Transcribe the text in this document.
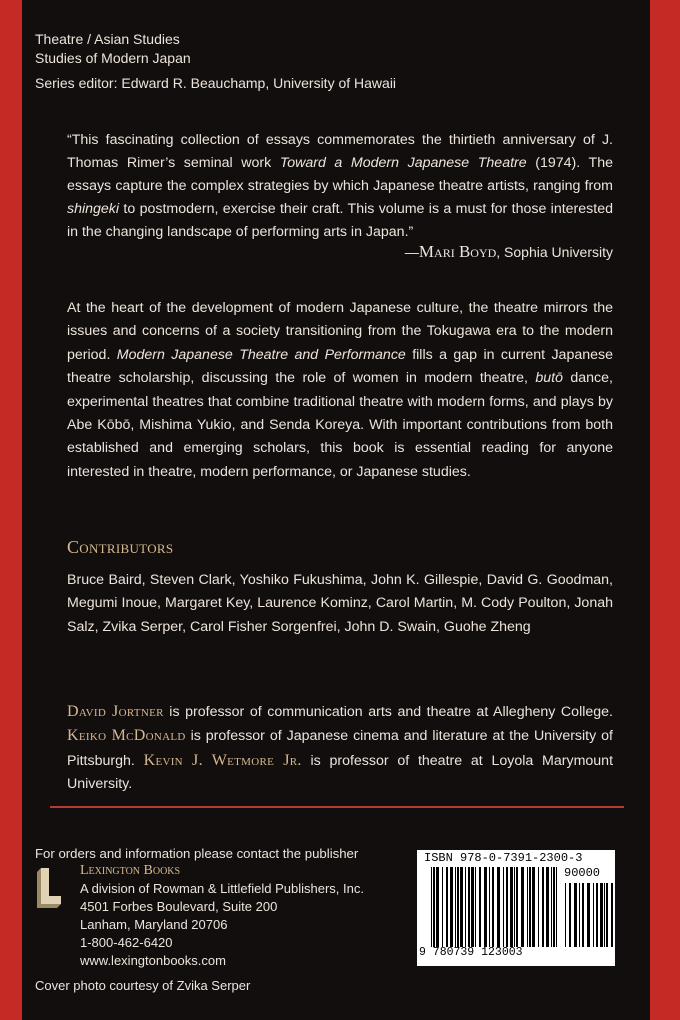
Theatre / Asian Studies
Studies of Modern Japan
Series editor: Edward R. Beauchamp, University of Hawaii
“This fascinating collection of essays commemorates the thirtieth anniversary of J. Thomas Rimer’s seminal work Toward a Modern Japanese Theatre (1974). The essays capture the complex strategies by which Japanese theatre artists, ranging from shingeki to postmodern, exercise their craft. This volume is a must for those interested in the changing landscape of performing arts in Japan.”
—Mari Boyd, Sophia University
At the heart of the development of modern Japanese culture, the theatre mirrors the issues and concerns of a society transitioning from the Tokugawa era to the modern period. Modern Japanese Theatre and Performance fills a gap in current Japanese theatre scholarship, discussing the role of women in modern theatre, butō dance, experimental theatres that combine traditional theatre with modern forms, and plays by Abe Kōbō, Mishima Yukio, and Senda Koreya. With important contributions from both established and emerging scholars, this book is essential reading for anyone interested in theatre, modern performance, or Japanese studies.
Contributors
Bruce Baird, Steven Clark, Yoshiko Fukushima, John K. Gillespie, David G. Goodman, Megumi Inoue, Margaret Key, Laurence Kominz, Carol Martin, M. Cody Poulton, Jonah Salz, Zvika Serper, Carol Fisher Sorgenfrei, John D. Swain, Guohe Zheng
David Jortner is professor of communication arts and theatre at Allegheny College. Keiko McDonald is professor of Japanese cinema and literature at the University of Pittsburgh. Kevin J. Wetmore Jr. is professor of theatre at Loyola Marymount University.
For orders and information please contact the publisher
Lexington Books
A division of Rowman & Littlefield Publishers, Inc.
4501 Forbes Boulevard, Suite 200
Lanham, Maryland 20706
1-800-462-6420
www.lexingtonbooks.com
Cover photo courtesy of Zvika Serper
ISBN 978-0-7391-2300-3
90000
9 780739 123003
